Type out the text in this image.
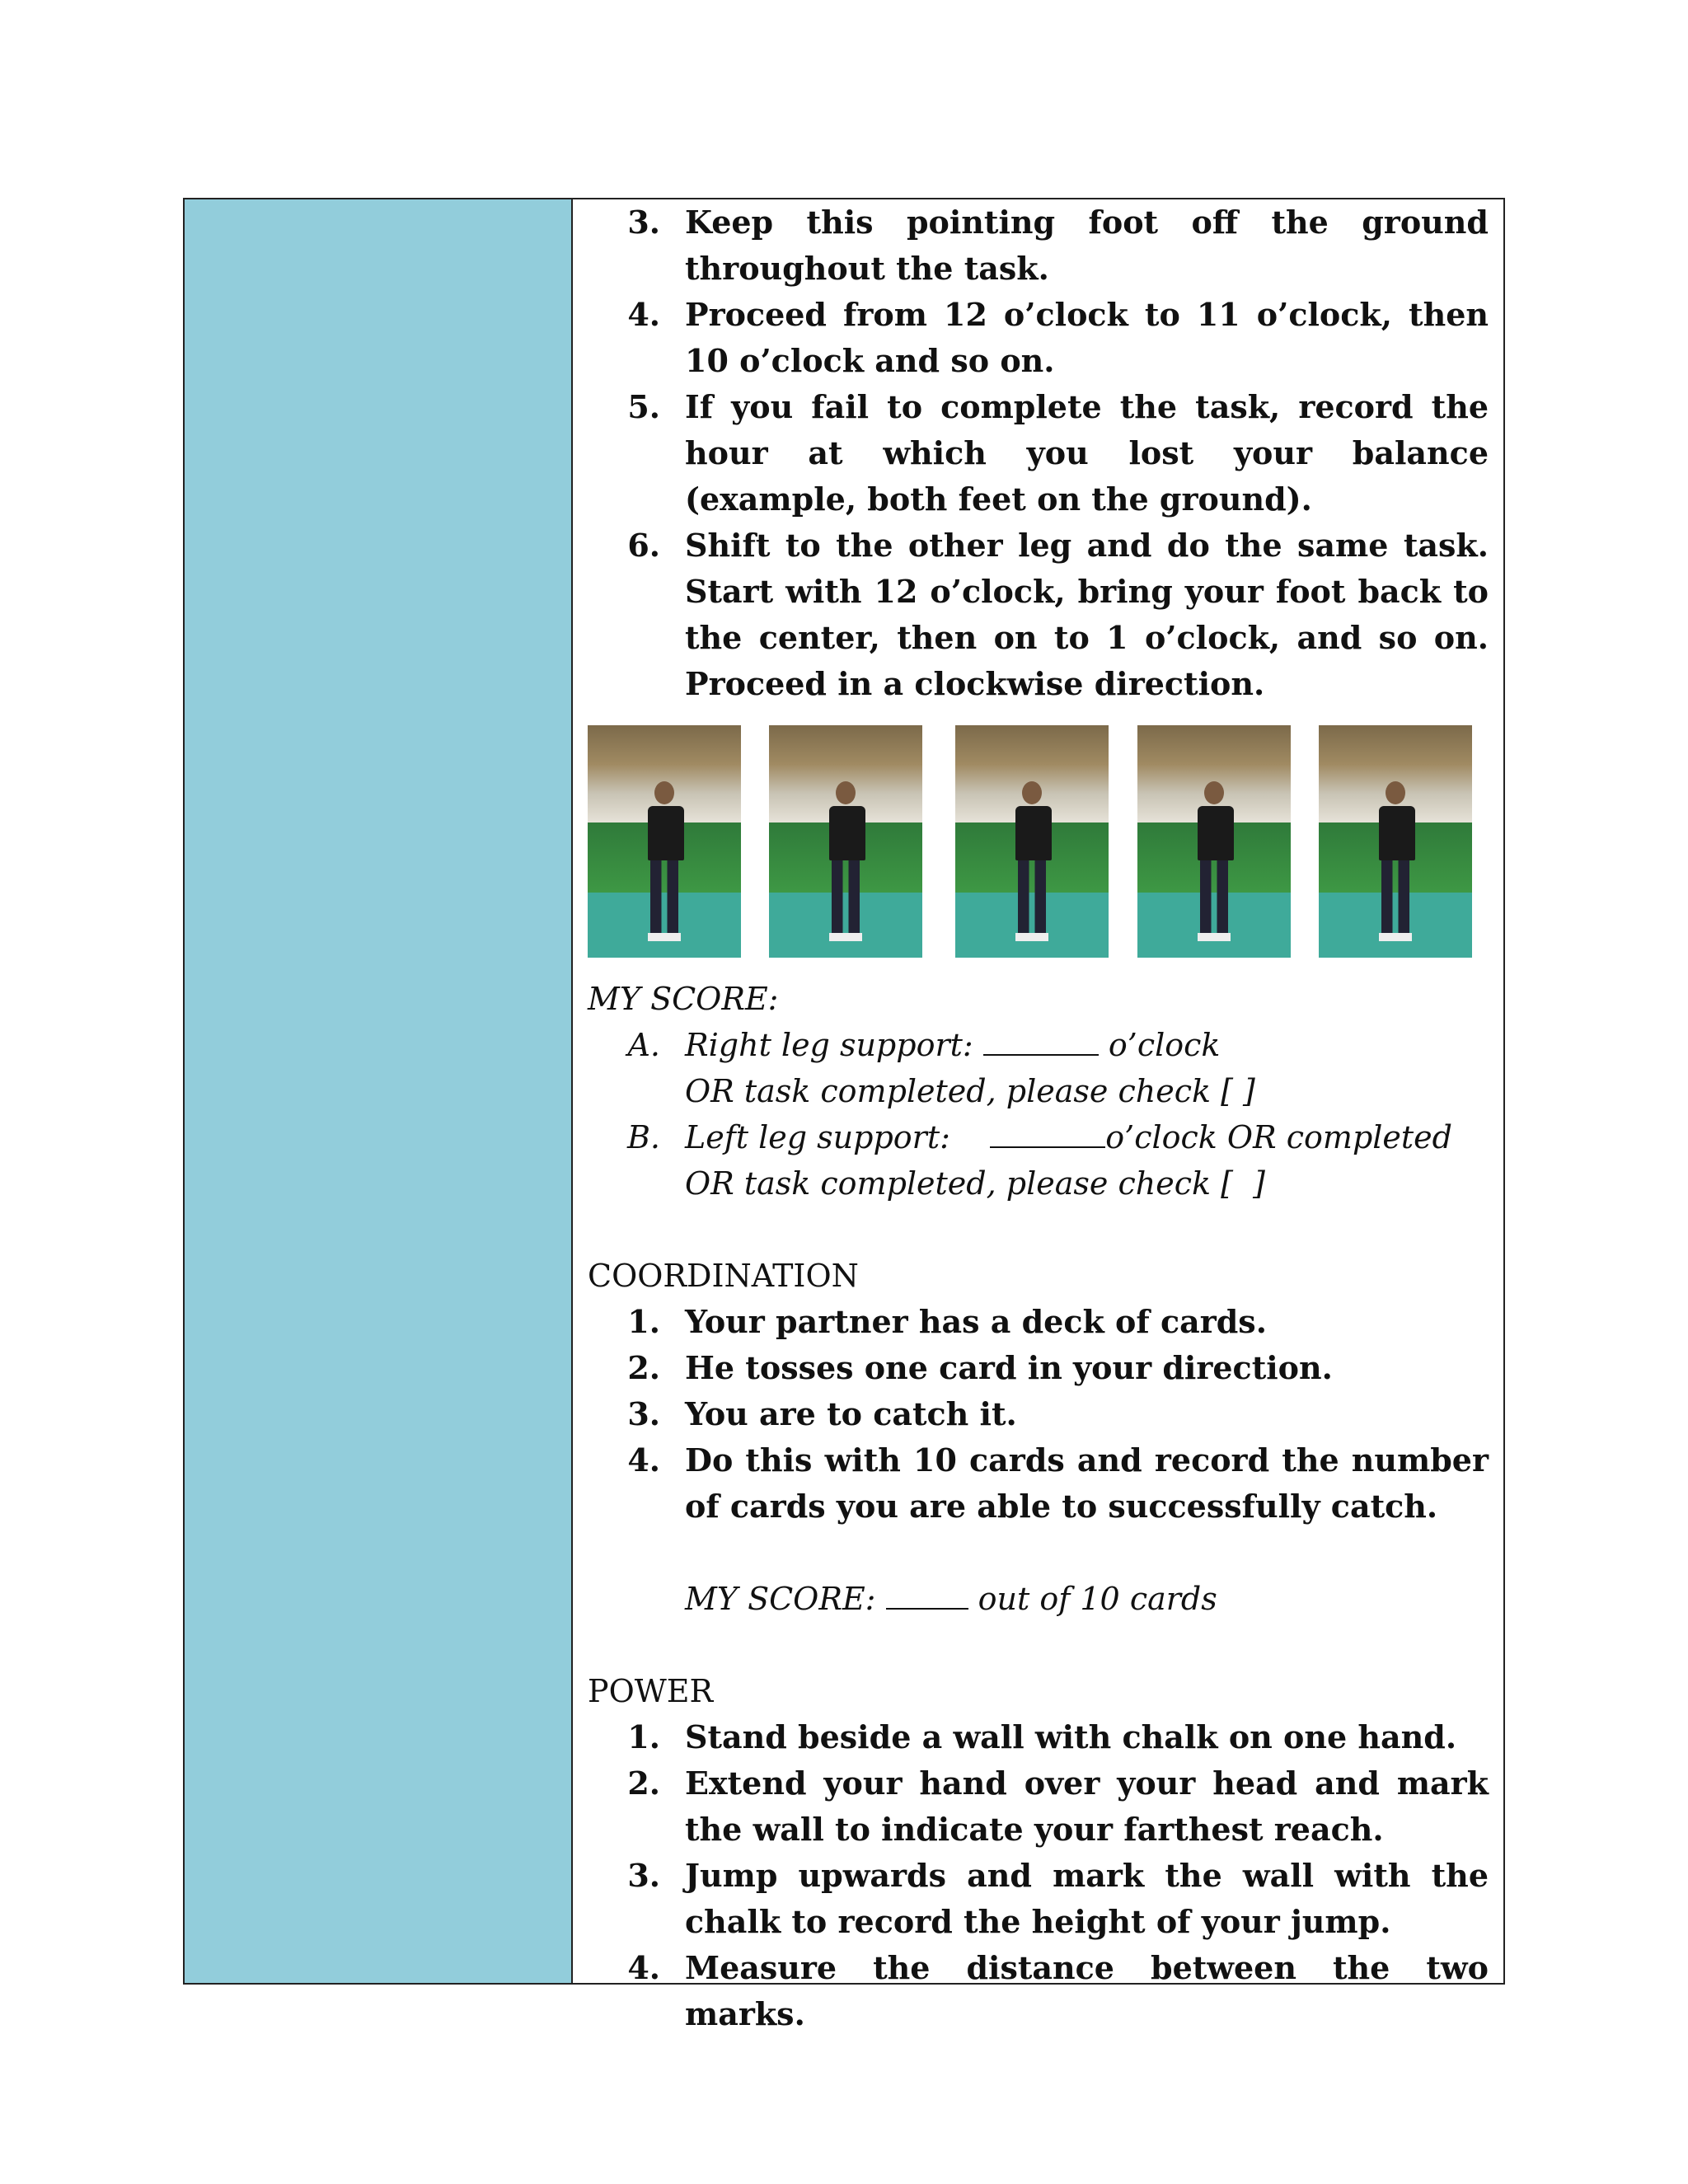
3. Keep this pointing foot off the ground throughout the task.
4. Proceed from 12 o’clock to 11 o’clock, then 10 o’clock and so on.
5. If you fail to complete the task, record the hour at which you lost your balance (example, both feet on the ground).
6. Shift to the other leg and do the same task. Start with 12 o’clock, bring your foot back to the center, then on to 1 o’clock, and so on. Proceed in a clockwise direction.
MY SCORE:
A. Right leg support:	o’clock
OR task completed, please check [ ]
B. Left leg support:	o’clock OR completed
OR task completed, please check [  ]
COORDINATION
1. Your partner has a deck of cards.
2. He tosses one card in your direction.
3. You are to catch it.
4. Do this with 10 cards and record the number of cards you are able to successfully catch.
MY SCORE:	out of 10 cards
POWER
1. Stand beside a wall with chalk on one hand.
2. Extend your hand over your head and mark the wall to indicate your farthest reach.
3. Jump upwards and mark the wall with the chalk to record the height of your jump.
4. Measure the distance between the two marks.
